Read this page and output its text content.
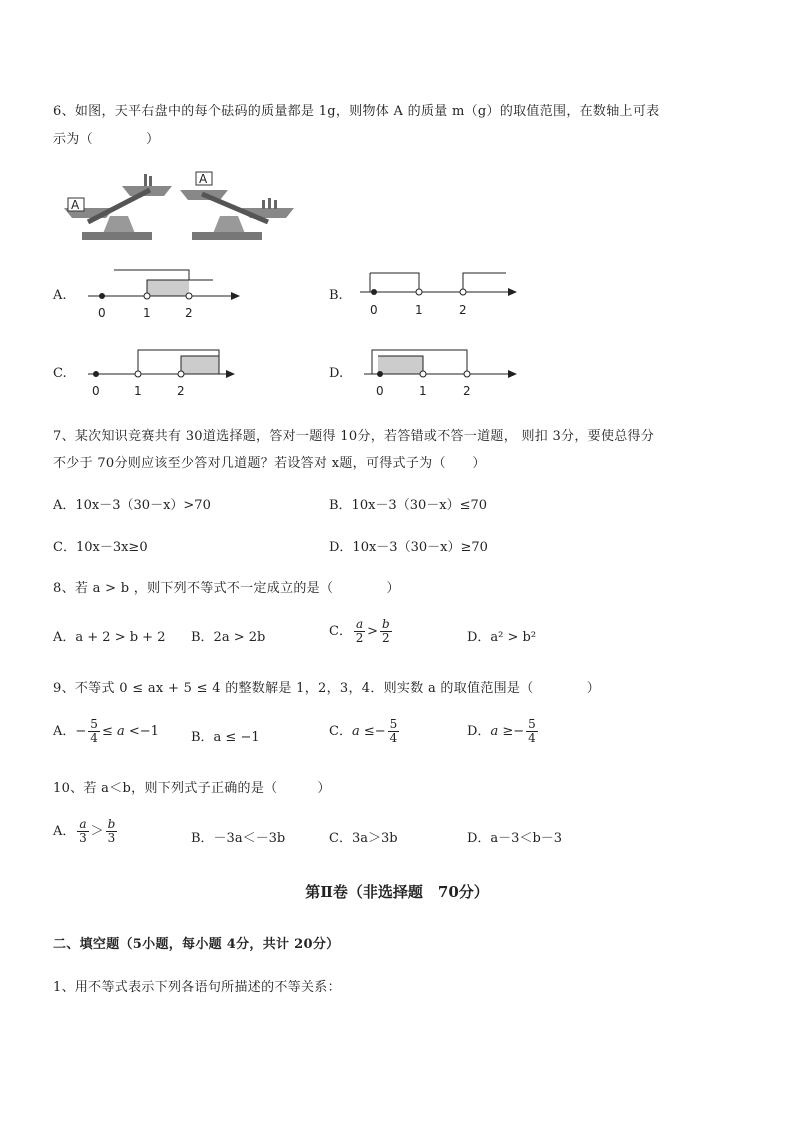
6、如图，天平右盘中的每个砝码的质量都是 1g，则物体 A 的质量 m（g）的取值范围，在数轴上可表
示为（　　　　）
A
A
A.
0	1	2
B.
0	1	2
C.
0	1	2
D.
0	1	2
7、某次知识竞赛共有 30道选择题，答对一题得 10分，若答错或不答一道题， 则扣 3分，要使总得分
不少于 70分则应该至少答对几道题？若设答对 x题，可得式子为（　　）
A．10x－3（30－x）>70	B．10x－3（30－x）≤70
C．10x－3x≥0	D．10x－3（30－x）≥70
8、若 a > b ，则下列不等式不一定成立的是（　　　　）
A．a + 2 > b + 2 B．2a > 2b	C． $\frac{a}{2} > \frac{b}{2}$	D．a² > b²
9、不等式 0 ≤ ax + 5 ≤ 4 的整数解是 1，2，3，4．则实数 a 的取值范围是（　　　　）
A．− $\frac{5}{4} \le a <-1$ B．a ≤ −1	C．$a \le- \frac{5}{4}$	D．$a \ge- \frac{5}{4}$
10、若 a＜b，则下列式子正确的是（　　　）
A． $\frac{a}{3} > \frac{b}{3}$	B．－3a＜－3b	C．3a＞3b	D．a－3＜b－3
第Ⅱ卷（非选择题　70分）
二、填空题（5小题，每小题 4分，共计 20分）
1、用不等式表示下列各语句所描述的不等关系：
